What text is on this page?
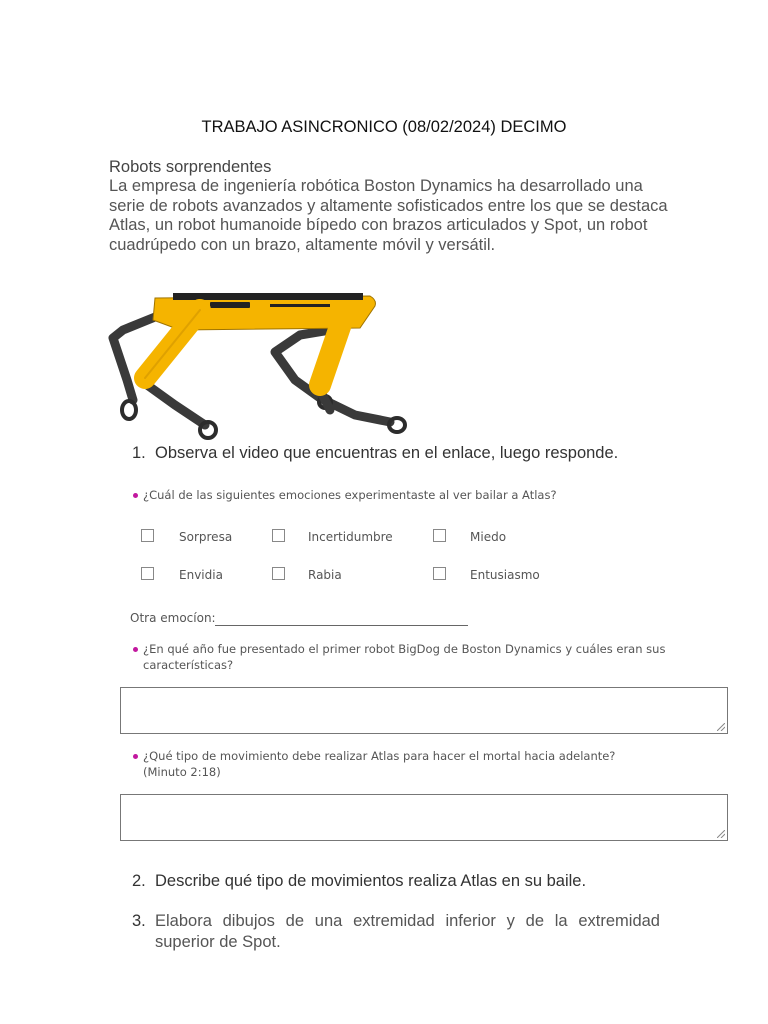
TRABAJO ASINCRONICO (08/02/2024) DECIMO
Robots sorprendentes

La empresa de ingeniería robótica Boston Dynamics ha desarrollado una serie de robots avanzados y altamente sofisticados entre los que se destaca Atlas, un robot humanoide bípedo con brazos articulados y Spot, un robot cuadrúpedo con un brazo, altamente móvil y versátil.

1. Observa el video que encuentras en el enlace, luego responde.
¿Cuál de las siguientes emociones experimentaste al ver bailar a Atlas?
Sorpresa	Incertidumbre	Miedo
Envidia	Rabia	Entusiasmo
Otra emocíon:
¿En qué año fue presentado el primer robot BigDog de Boston Dynamics y cuáles eran sus características?
¿Qué tipo de movimiento debe realizar Atlas para hacer el mortal hacia adelante?
(Minuto 2:18)
2. Describe qué tipo de movimientos realiza Atlas en su baile.
3. Elabora dibujos de una extremidad inferior y de la extremidad superior de Spot.
